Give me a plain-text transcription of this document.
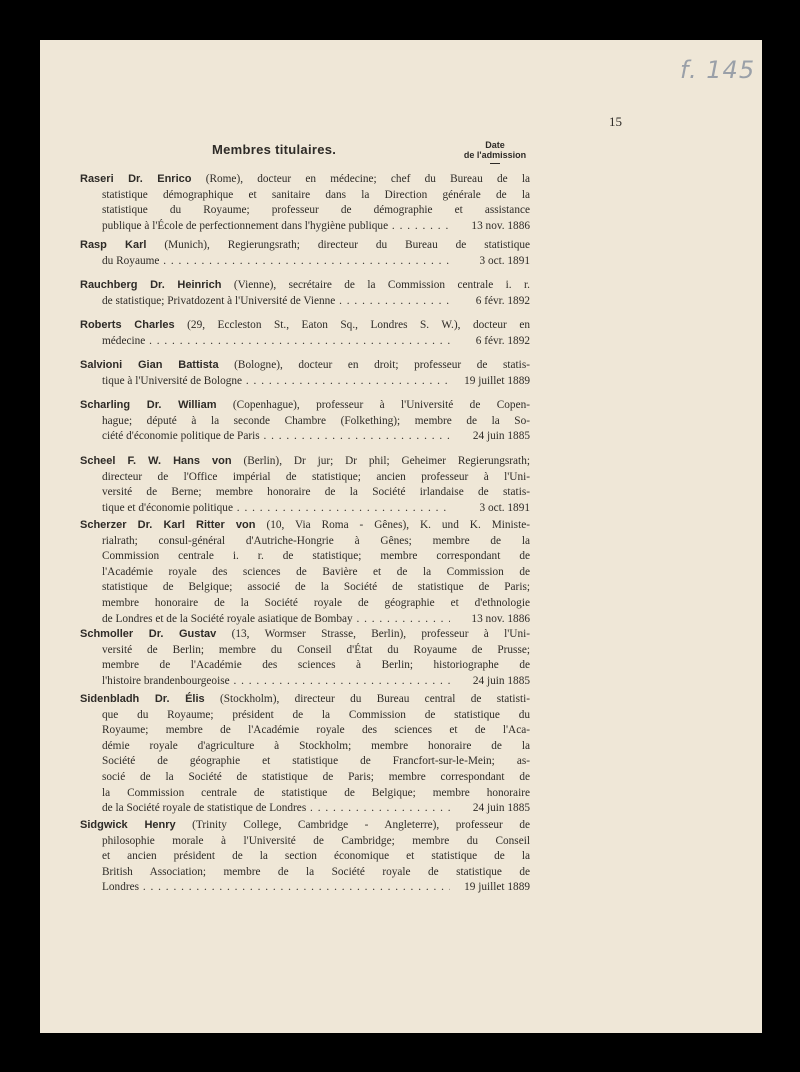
f. 145
15
Membres titulaires.	Date
de l'admission
Raseri Dr. Enrico (Rome), docteur en médecine; chef du Bureau de la
statistique démographique et sanitaire dans la Direction générale de la
statistique du Royaume; professeur de démographie et assistance
publique à l'École de perfectionnement dans l'hygiène publique . . .	13 nov. 1886
Rasp Karl (Munich), Regierungsrath; directeur du Bureau de statistique
du Royaume . . .	3 oct. 1891
Rauchberg Dr. Heinrich (Vienne), secrétaire de la Commission centrale i. r.
de statistique; Privatdozent à l'Université de Vienne . . .	6 févr. 1892
Roberts Charles (29, Eccleston St., Eaton Sq., Londres S. W.), docteur en
médecine . . .	6 févr. 1892
Salvioni Gian Battista (Bologne), docteur en droit; professeur de statis-
tique à l'Université de Bologne . . .	19 juillet 1889
Scharling Dr. William (Copenhague), professeur à l'Université de Copen-
hague; député à la seconde Chambre (Folkething); membre de la So-
ciété d'économie politique de Paris . . .	24 juin 1885
Scheel F. W. Hans von (Berlin), Dr jur; Dr phil; Geheimer Regierungsrath;
directeur de l'Office impérial de statistique; ancien professeur à l'Uni-
versité de Berne; membre honoraire de la Société irlandaise de statis-
tique et d'économie politique . . .	3 oct. 1891
Scherzer Dr. Karl Ritter von (10, Via Roma - Gênes), K. und K. Ministe-
rialrath; consul-général d'Autriche-Hongrie à Gênes; membre de la
Commission centrale i. r. de statistique; membre correspondant de
l'Académie royale des sciences de Bavière et de la Commission de
statistique de Belgique; associé de la Société de statistique de Paris;
membre honoraire de la Société royale de géographie et d'ethnologie
de Londres et de la Société royale asiatique de Bombay . . .	13 nov. 1886
Schmoller Dr. Gustav (13, Wormser Strasse, Berlin), professeur à l'Uni-
versité de Berlin; membre du Conseil d'État du Royaume de Prusse;
membre de l'Académie des sciences à Berlin; historiographe de
l'histoire brandenbourgeoise . . .	24 juin 1885
Sidenbladh Dr. Élis (Stockholm), directeur du Bureau central de statisti-
que du Royaume; président de la Commission de statistique du
Royaume; membre de l'Académie royale des sciences et de l'Aca-
démie royale d'agriculture à Stockholm; membre honoraire de la
Société de géographie et statistique de Francfort-sur-le-Mein; as-
socié de la Société de statistique de Paris; membre correspondant de
la Commission centrale de statistique de Belgique; membre honoraire
de la Société royale de statistique de Londres . . .	24 juin 1885
Sidgwick Henry (Trinity College, Cambridge - Angleterre), professeur de
philosophie morale à l'Université de Cambridge; membre du Conseil
et ancien président de la section économique et statistique de la
British Association; membre de la Société royale de statistique de
Londres . . .	19 juillet 1889
